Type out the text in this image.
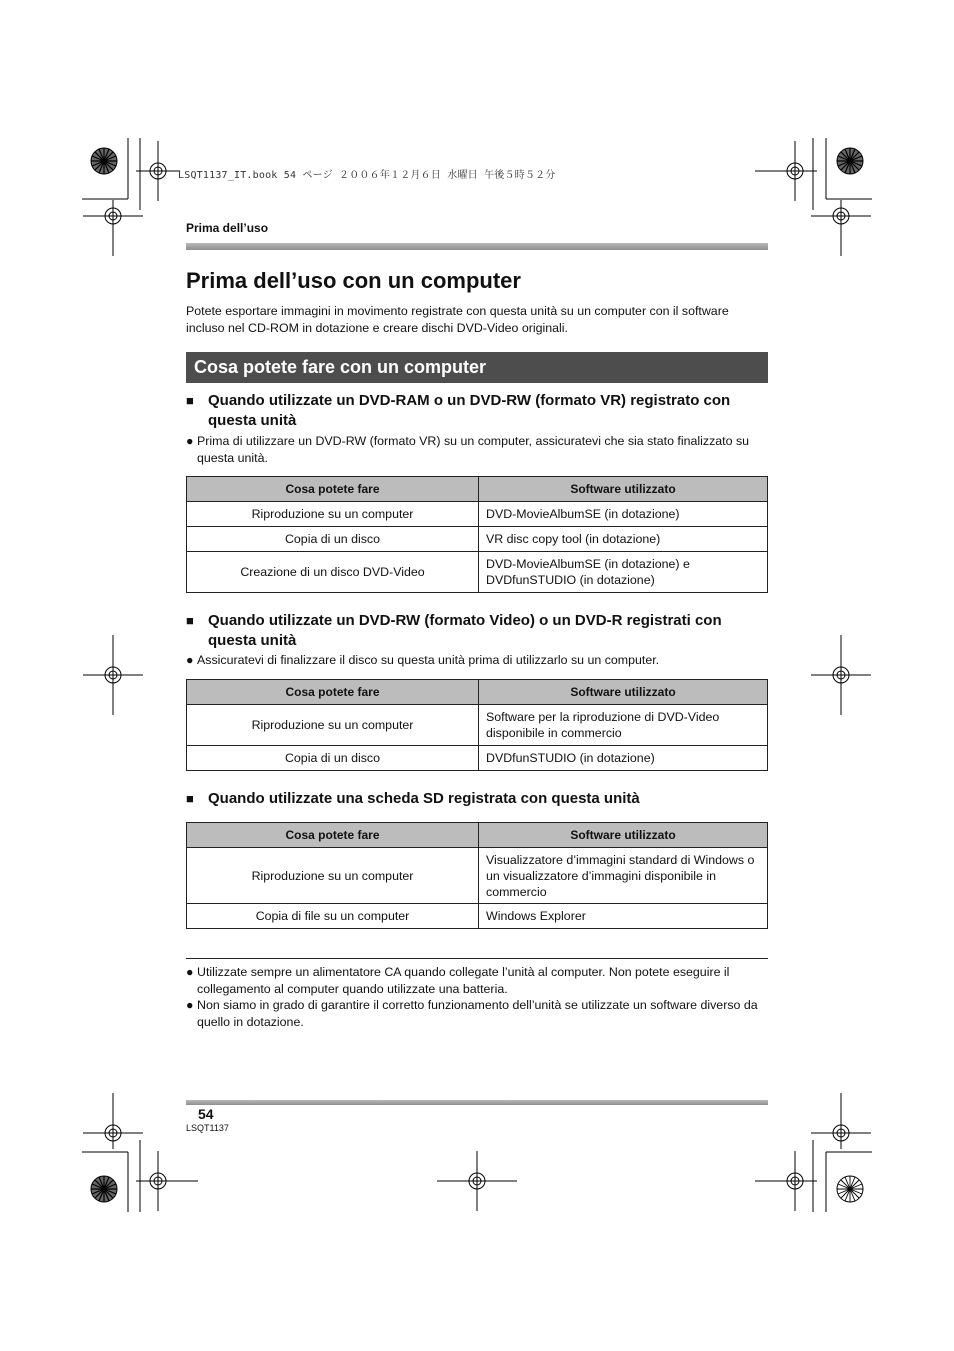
LSQT1137_IT.book 54 ページ ２００６年１２月６日 水曜日 午後５時５２分
Prima dell’uso
Prima dell’uso con un computer

Potete esportare immagini in movimento registrate con questa unità su un computer con il software incluso nel CD-ROM in dotazione e creare dischi DVD-Video originali.

Cosa potete fare con un computer
■ Quando utilizzate un DVD-RAM o un DVD-RW (formato VR) registrato con questa unità
● Prima di utilizzare un DVD-RW (formato VR) su un computer, assicuratevi che sia stato finalizzato su questa unità.
Cosa potete fare	Software utilizzato
Riproduzione su un computer	DVD-MovieAlbumSE (in dotazione)
Copia di un disco	VR disc copy tool (in dotazione)
Creazione di un disco DVD-Video	DVD-MovieAlbumSE (in dotazione) e DVDfunSTUDIO (in dotazione)
■ Quando utilizzate un DVD-RW (formato Video) o un DVD-R registrati con questa unità
● Assicuratevi di finalizzare il disco su questa unità prima di utilizzarlo su un computer.
Cosa potete fare	Software utilizzato
Riproduzione su un computer	Software per la riproduzione di DVD-Video disponibile in commercio
Copia di un disco	DVDfunSTUDIO (in dotazione)
■ Quando utilizzate una scheda SD registrata con questa unità
Cosa potete fare	Software utilizzato
Riproduzione su un computer	Visualizzatore d’immagini standard di Windows o un visualizzatore d’immagini disponibile in commercio
Copia di file su un computer	Windows Explorer
● Utilizzate sempre un alimentatore CA quando collegate l’unità al computer. Non potete eseguire il collegamento al computer quando utilizzate una batteria.
● Non siamo in grado di garantire il corretto funzionamento dell’unità se utilizzate un software diverso da quello in dotazione.
54
LSQT1137
